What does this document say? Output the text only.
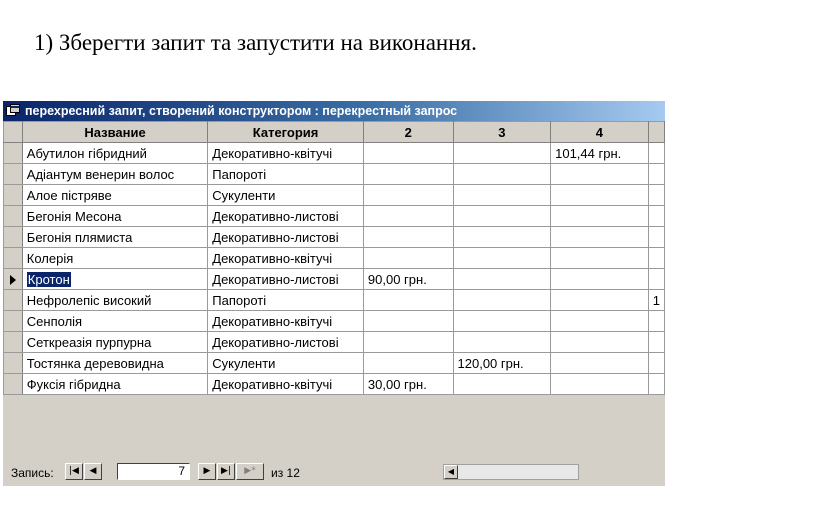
1) Зберегти запит та запустити на виконання.
перехресний запит, створений конструктором : перекрестный запрос
	Название	Категория	2	3	4	
	Абутилон гібридний	Декоративно-квітучі			101,44 грн.	
	Адіантум венерин волос	Папороті				
	Алое пістряве	Сукуленти				
	Бегонія Месона	Декоративно-листові				
	Бегонія плямиста	Декоративно-листові				
	Колерія	Декоративно-квітучі				
	Кротон	Декоративно-листові	90,00 грн.			
	Нефролепіс високий	Папороті				1
	Сенполія	Декоративно-квітучі				
	Сеткреазія пурпурна	Декоративно-листові				
	Тостянка деревовидна	Сукуленти		120,00 грн.		
	Фуксія гібридна	Декоративно-квітучі	30,00 грн.			
Запись:	|◀	◀	7	▶	▶|	▶*	из 12	◀
